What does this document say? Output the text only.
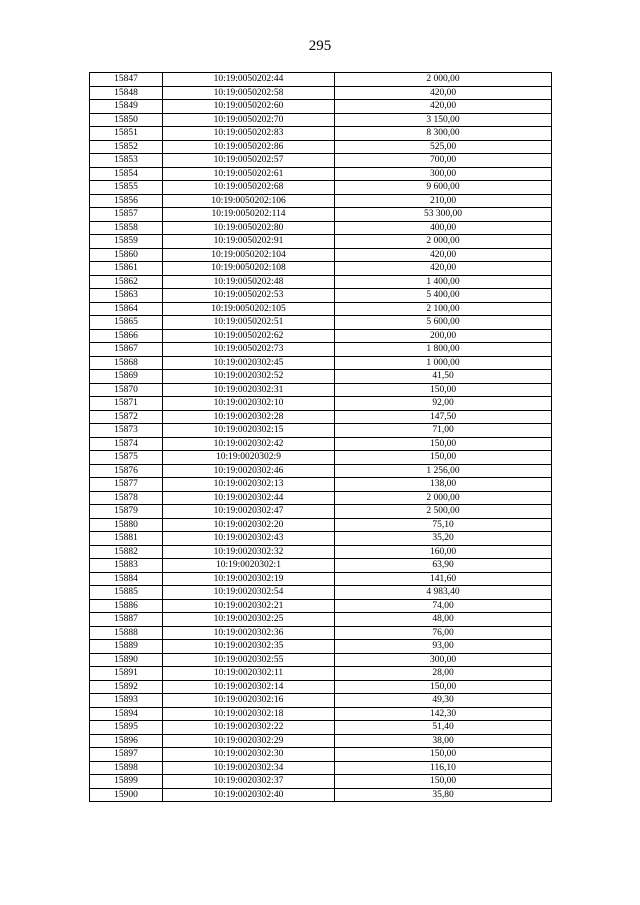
295
15847	10:19:0050202:44	2 000,00
15848	10:19:0050202:58	420,00
15849	10:19:0050202:60	420,00
15850	10:19:0050202:70	3 150,00
15851	10:19:0050202:83	8 300,00
15852	10:19:0050202:86	525,00
15853	10:19:0050202:57	700,00
15854	10:19:0050202:61	300,00
15855	10:19:0050202:68	9 600,00
15856	10:19:0050202:106	210,00
15857	10:19:0050202:114	53 300,00
15858	10:19:0050202:80	400,00
15859	10:19:0050202:91	2 000,00
15860	10:19:0050202:104	420,00
15861	10:19:0050202:108	420,00
15862	10:19:0050202:48	1 400,00
15863	10:19:0050202:53	5 400,00
15864	10:19:0050202:105	2 100,00
15865	10:19:0050202:51	5 600,00
15866	10:19:0050202:62	200,00
15867	10:19:0050202:73	1 800,00
15868	10:19:0020302:45	1 000,00
15869	10:19:0020302:52	41,50
15870	10:19:0020302:31	150,00
15871	10:19:0020302:10	92,00
15872	10:19:0020302:28	147,50
15873	10:19:0020302:15	71,00
15874	10:19:0020302:42	150,00
15875	10:19:0020302:9	150,00
15876	10:19:0020302:46	1 256,00
15877	10:19:0020302:13	138,00
15878	10:19:0020302:44	2 000,00
15879	10:19:0020302:47	2 500,00
15880	10:19:0020302:20	75,10
15881	10:19:0020302:43	35,20
15882	10:19:0020302:32	160,00
15883	10:19:0020302:1	63,90
15884	10:19:0020302:19	141,60
15885	10:19:0020302:54	4 983,40
15886	10:19:0020302:21	74,00
15887	10:19:0020302:25	48,00
15888	10:19:0020302:36	76,00
15889	10:19:0020302:35	93,00
15890	10:19:0020302:55	300,00
15891	10:19:0020302:11	28,00
15892	10:19:0020302:14	150,00
15893	10:19:0020302:16	49,30
15894	10:19:0020302:18	142,30
15895	10:19:0020302:22	51,40
15896	10:19:0020302:29	38,00
15897	10:19:0020302:30	150,00
15898	10:19:0020302:34	116,10
15899	10:19:0020302:37	150,00
15900	10:19:0020302:40	35,80
